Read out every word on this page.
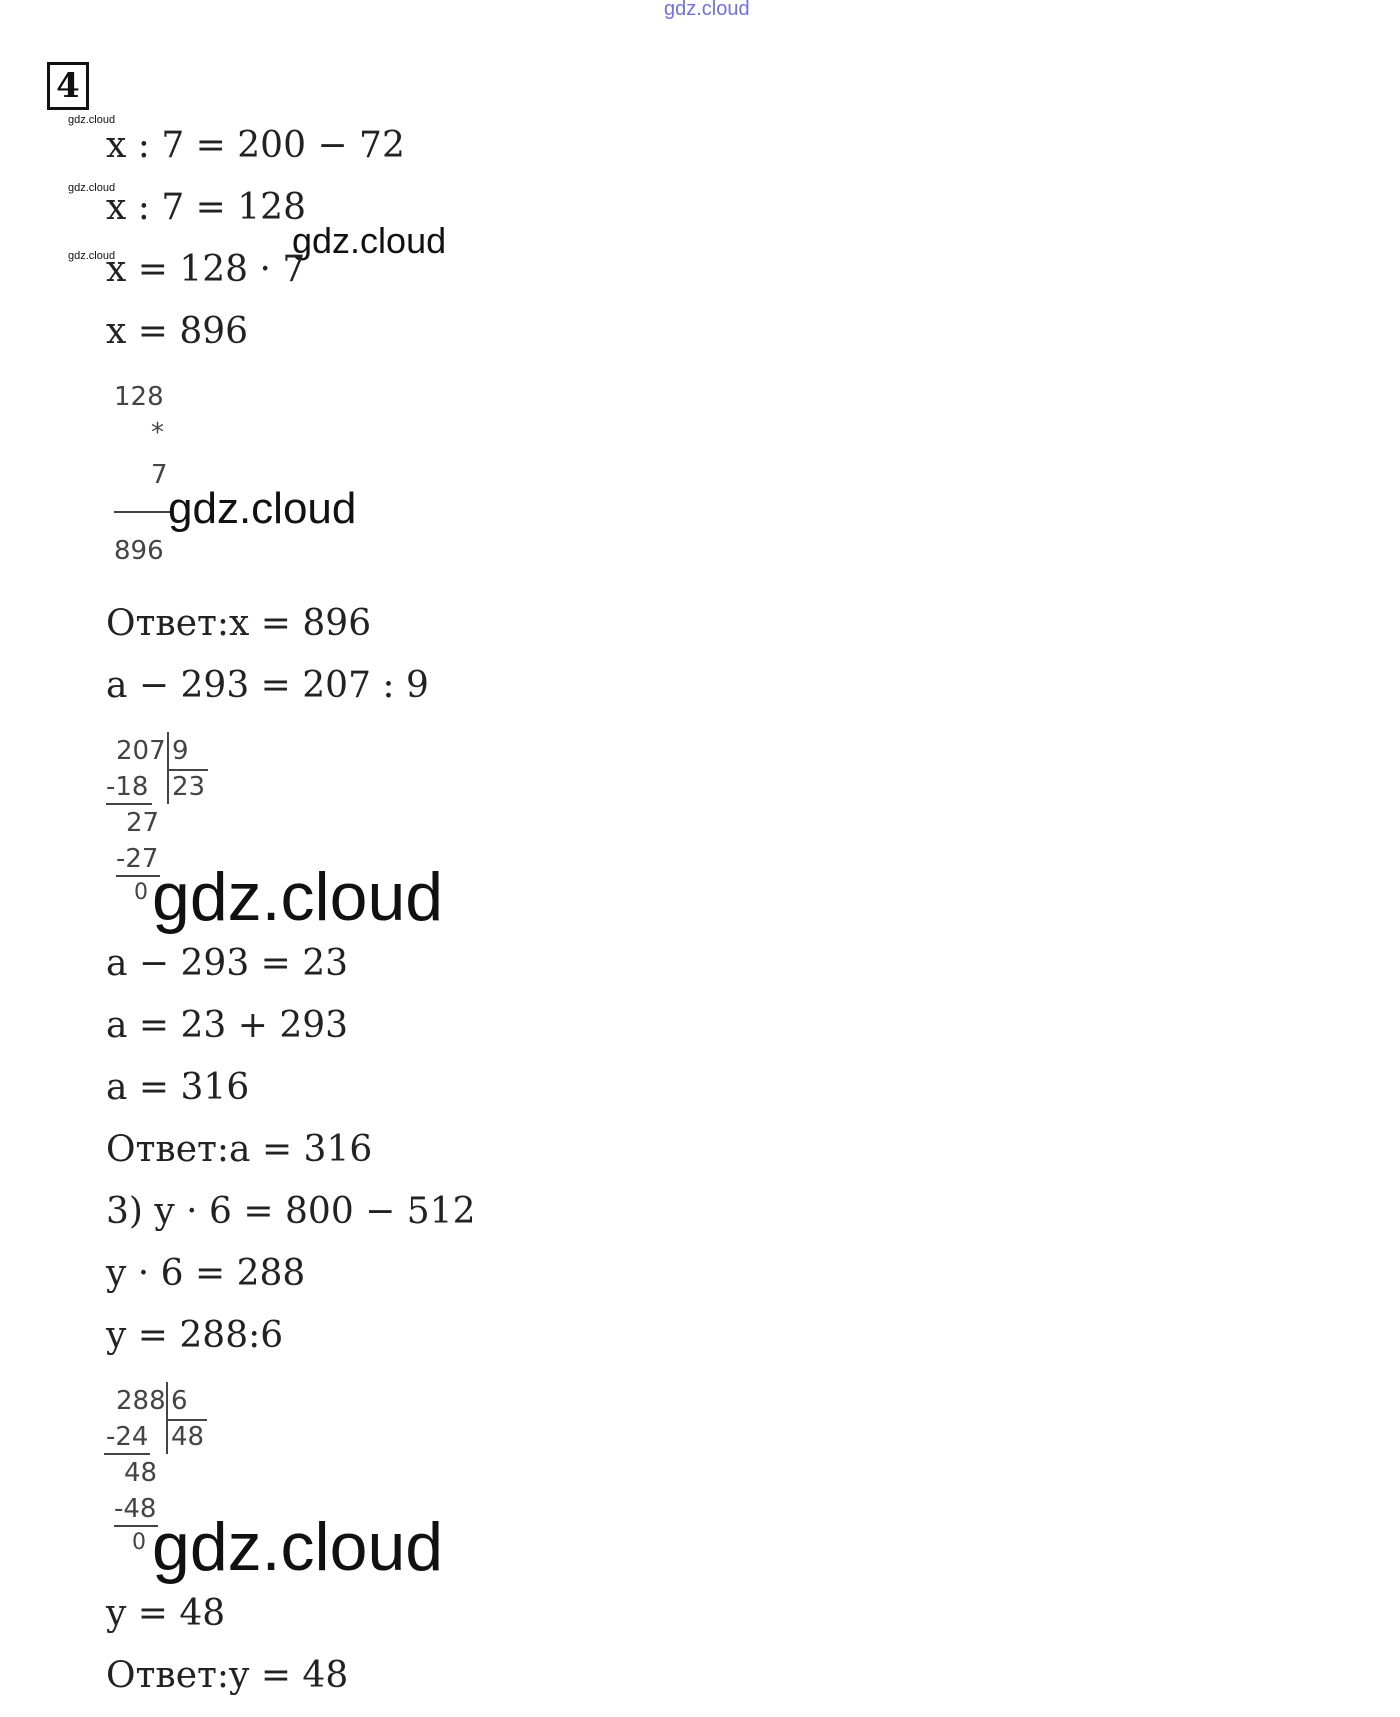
gdz.cloud
4
gdz.cloud
gdz.cloud
gdz.cloud
x : 7 = 200 − 72
x : 7 = 128
gdz.cloud
x = 128 · 7
x = 896
128
*
7
gdz.cloud
896
Ответ:x = 896
a − 293 = 207 : 9
207 9
23
-18
27
-27
0 gdz.cloud
a − 293 = 23
a = 23 + 293
a = 316
Ответ:a = 316
3) y · 6 = 800 − 512
y · 6 = 288
y = 288:6
288 6
48
-24
48
-48
0 gdz.cloud
y = 48
Ответ:y = 48
